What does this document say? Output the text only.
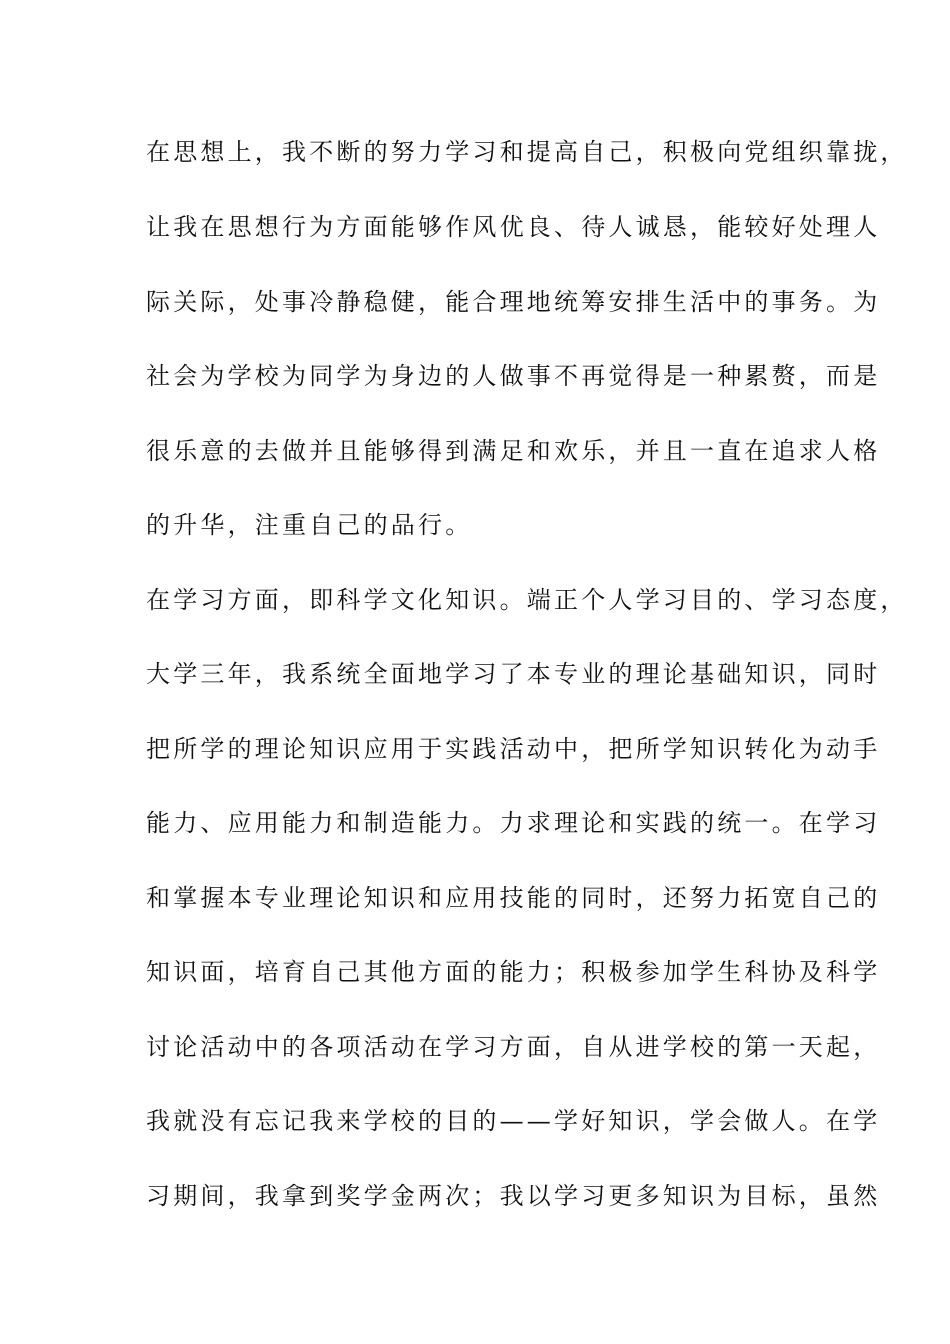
在思想上，我不断的努力学习和提高自己，积极向党组织靠拢，
让我在思想行为方面能够作风优良、待人诚恳，能较好处理人
际关际，处事冷静稳健，能合理地统筹安排生活中的事务。为
社会为学校为同学为身边的人做事不再觉得是一种累赘，而是
很乐意的去做并且能够得到满足和欢乐，并且一直在追求人格
的升华，注重自己的品行。
在学习方面，即科学文化知识。端正个人学习目的、学习态度，
大学三年，我系统全面地学习了本专业的理论基础知识，同时
把所学的理论知识应用于实践活动中，把所学知识转化为动手
能力、应用能力和制造能力。力求理论和实践的统一。在学习
和掌握本专业理论知识和应用技能的同时，还努力拓宽自己的
知识面，培育自己其他方面的能力；积极参加学生科协及科学
讨论活动中的各项活动在学习方面，自从进学校的第一天起，
我就没有忘记我来学校的目的——学好知识，学会做人。在学
习期间，我拿到奖学金两次；我以学习更多知识为目标，虽然
